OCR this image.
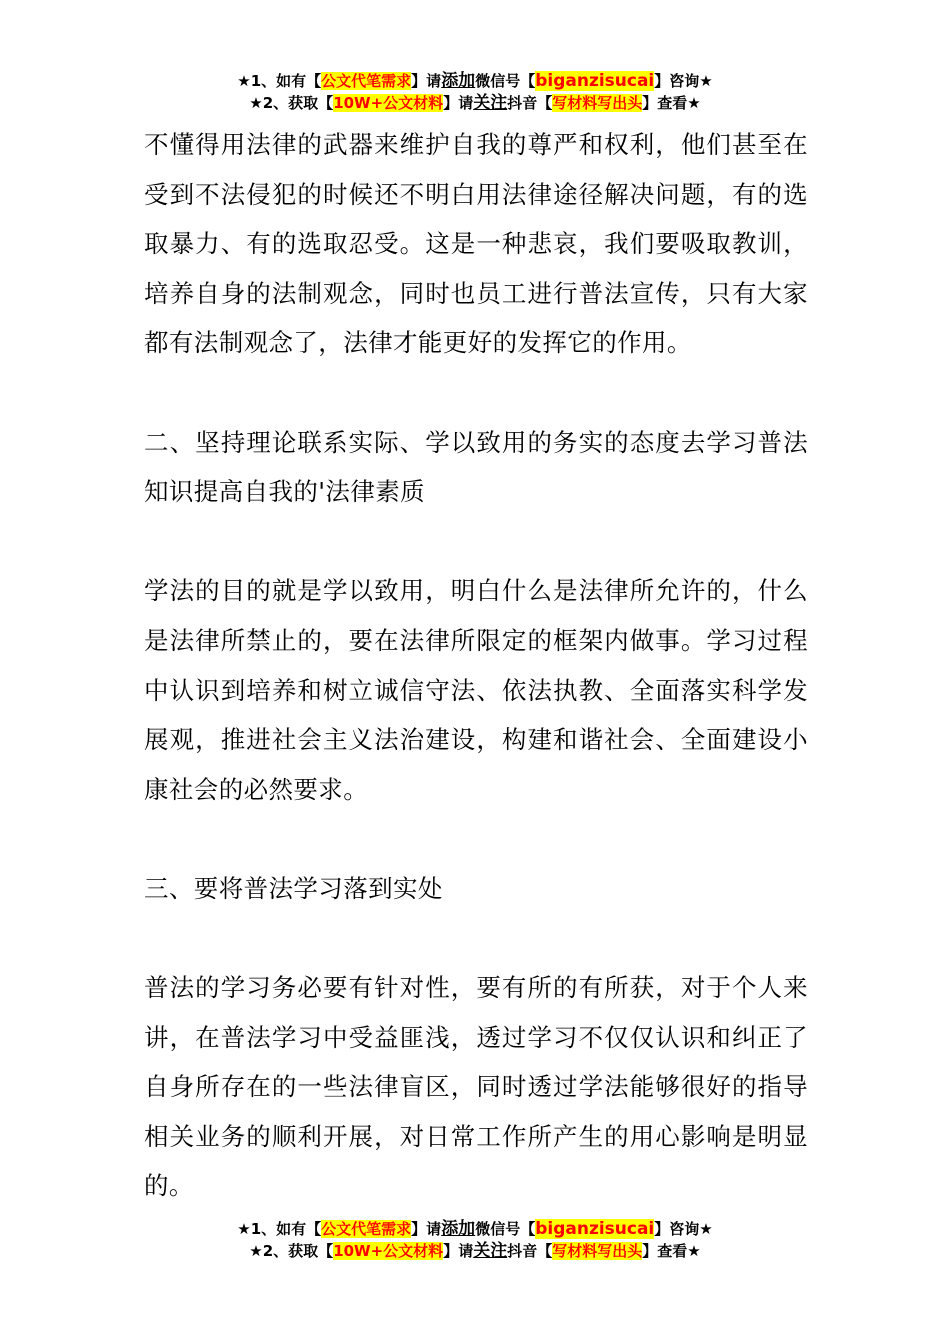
★1、如有【公文代笔需求】请添加微信号【biganzisucai】咨询★
★2、获取【10W+公文材料】请关注抖音【写材料写出头】查看★

不懂得用法律的武器来维护自我的尊严和权利，他们甚至在受到不法侵犯的时候还不明白用法律途径解决问题，有的选取暴力、有的选取忍受。这是一种悲哀，我们要吸取教训，培养自身的法制观念，同时也员工进行普法宣传，只有大家都有法制观念了，法律才能更好的发挥它的作用。

二、坚持理论联系实际、学以致用的务实的态度去学习普法知识提高自我的'法律素质

学法的目的就是学以致用，明白什么是法律所允许的，什么是法律所禁止的，要在法律所限定的框架内做事。学习过程中认识到培养和树立诚信守法、依法执教、全面落实科学发展观，推进社会主义法治建设，构建和谐社会、全面建设小康社会的必然要求。

三、要将普法学习落到实处

普法的学习务必要有针对性，要有所的有所获，对于个人来讲，在普法学习中受益匪浅，透过学习不仅仅认识和纠正了自身所存在的一些法律盲区，同时透过学法能够很好的指导相关业务的顺利开展，对日常工作所产生的用心影响是明显的。

★1、如有【公文代笔需求】请添加微信号【biganzisucai】咨询★
★2、获取【10W+公文材料】请关注抖音【写材料写出头】查看★
